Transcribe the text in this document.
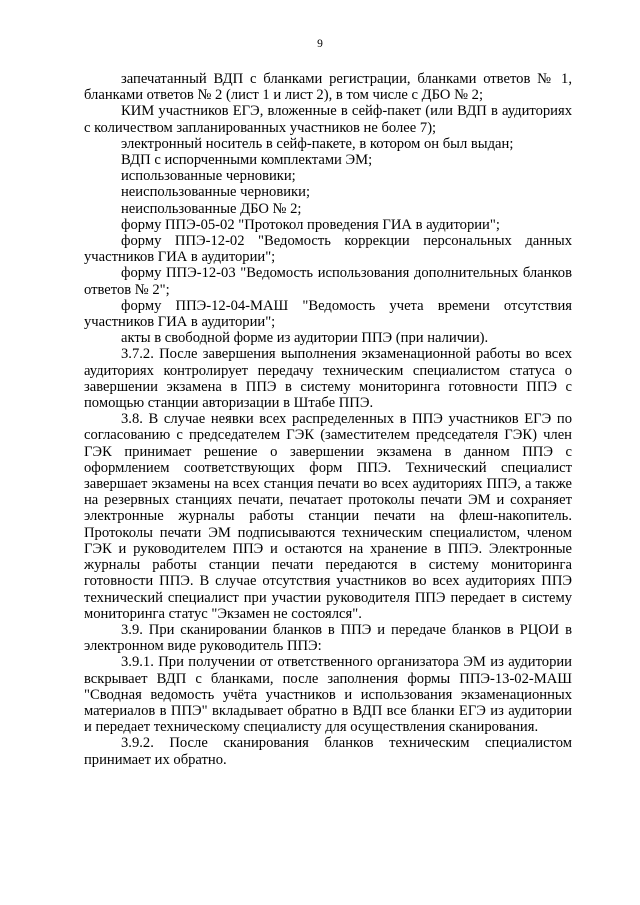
9

запечатанный ВДП с бланками регистрации, бланками ответов № 1, бланками ответов № 2 (лист 1 и лист 2), в том числе с ДБО № 2;

КИМ участников ЕГЭ, вложенные в сейф-пакет (или ВДП в аудиториях с количеством запланированных участников не более 7);

электронный носитель в сейф-пакете, в котором он был выдан;

ВДП с испорченными комплектами ЭМ;

использованные черновики;

неиспользованные черновики;

неиспользованные ДБО № 2;

форму ППЭ-05-02 "Протокол проведения ГИА в аудитории";

форму ППЭ-12-02 "Ведомость коррекции персональных данных участников ГИА в аудитории";

форму ППЭ-12-03 "Ведомость использования дополнительных бланков ответов № 2";

форму ППЭ-12-04-МАШ "Ведомость учета времени отсутствия участников ГИА в аудитории";

акты в свободной форме из аудитории ППЭ (при наличии).

3.7.2. После завершения выполнения экзаменационной работы во всех аудиториях контролирует передачу техническим специалистом статуса о завершении экзамена в ППЭ в систему мониторинга готовности ППЭ с помощью станции авторизации в Штабе ППЭ.

3.8. В случае неявки всех распределенных в ППЭ участников ЕГЭ по согласованию с председателем ГЭК (заместителем председателя ГЭК) член ГЭК принимает решение о завершении экзамена в данном ППЭ с оформлением соответствующих форм ППЭ. Технический специалист завершает экзамены на всех станция печати во всех аудиториях ППЭ, а также на резервных станциях печати, печатает протоколы печати ЭМ и сохраняет электронные журналы работы станции печати на флеш-накопитель. Протоколы печати ЭМ подписываются техническим специалистом, членом ГЭК и руководителем ППЭ и остаются на хранение в ППЭ. Электронные журналы работы станции печати передаются в систему мониторинга готовности ППЭ. В случае отсутствия участников во всех аудиториях ППЭ технический специалист при участии руководителя ППЭ передает в систему мониторинга статус "Экзамен не состоялся".

3.9. При сканировании бланков в ППЭ и передаче бланков в РЦОИ в электронном виде руководитель ППЭ:

3.9.1. При получении от ответственного организатора ЭМ из аудитории вскрывает ВДП с бланками, после заполнения формы ППЭ-13-02-МАШ "Сводная ведомость учёта участников и использования экзаменационных материалов в ППЭ" вкладывает обратно в ВДП все бланки ЕГЭ из аудитории и передает техническому специалисту для осуществления сканирования.

3.9.2. После сканирования бланков техническим специалистом принимает их обратно.
